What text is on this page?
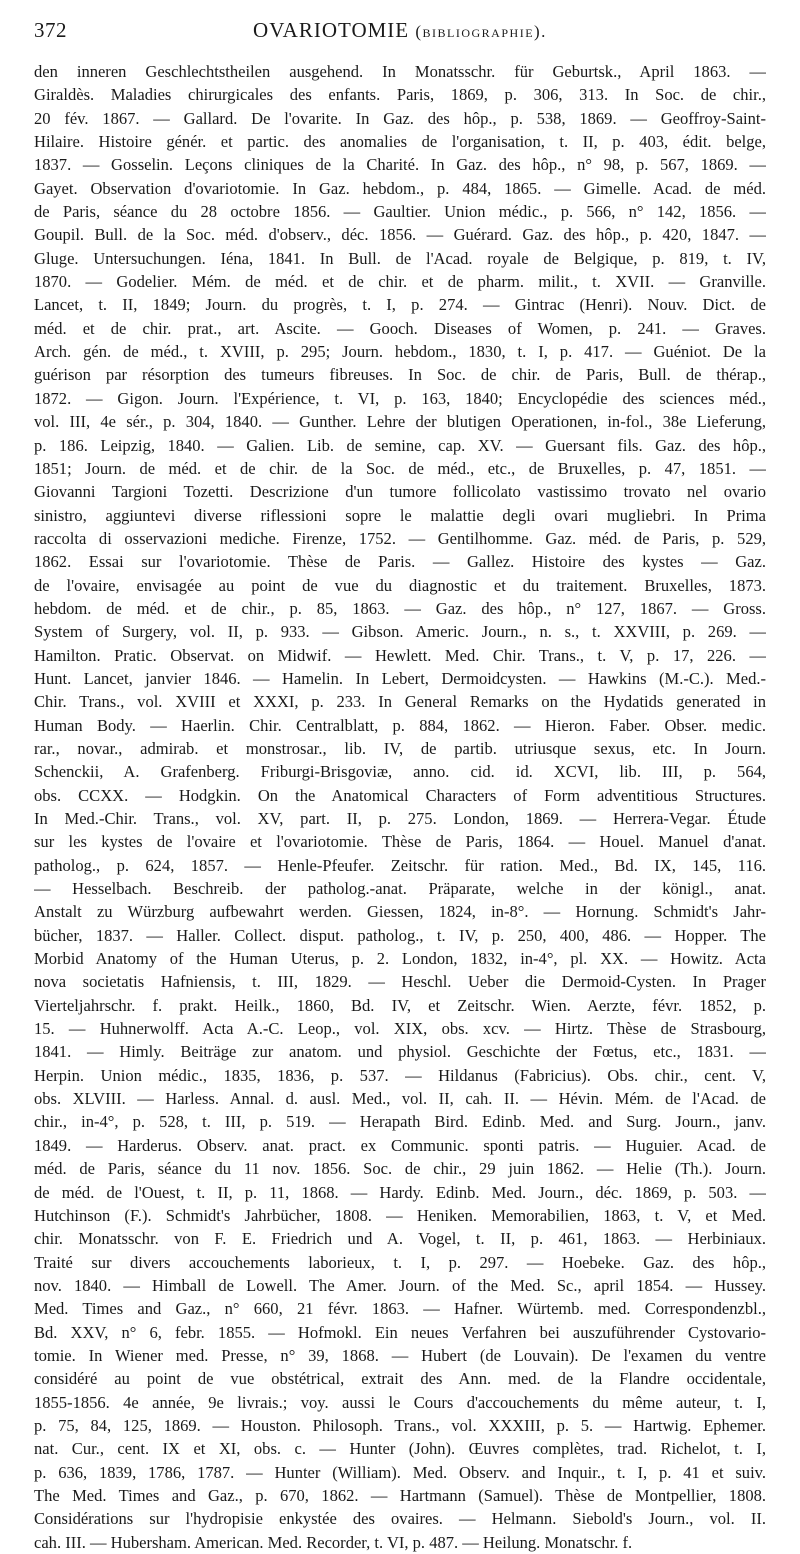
372	OVARIOTOMIE (bibliographie).
den inneren Geschlechtstheilen ausgehend. In Monatsschr. für Geburtsk., April 1863. —
Giraldès. Maladies chirurgicales des enfants. Paris, 1869, p. 306, 313. In Soc. de chir.,
20 fév. 1867. — Gallard. De l'ovarite. In Gaz. des hôp., p. 538, 1869. — Geoffroy-Saint-
Hilaire. Histoire génér. et partic. des anomalies de l'organisation, t. II, p. 403, édit. belge,
1837. — Gosselin. Leçons cliniques de la Charité. In Gaz. des hôp., n° 98, p. 567, 1869. —
Gayet. Observation d'ovariotomie. In Gaz. hebdom., p. 484, 1865. — Gimelle. Acad. de méd.
de Paris, séance du 28 octobre 1856. — Gaultier. Union médic., p. 566, n° 142, 1856. —
Goupil. Bull. de la Soc. méd. d'observ., déc. 1856. — Guérard. Gaz. des hôp., p. 420, 1847. —
Gluge. Untersuchungen. Iéna, 1841. In Bull. de l'Acad. royale de Belgique, p. 819, t. IV,
1870. — Godelier. Mém. de méd. et de chir. et de pharm. milit., t. XVII. — Granville.
Lancet, t. II, 1849; Journ. du progrès, t. I, p. 274. — Gintrac (Henri). Nouv. Dict. de
méd. et de chir. prat., art. Ascite. — Gooch. Diseases of Women, p. 241. — Graves.
Arch. gén. de méd., t. XVIII, p. 295; Journ. hebdom., 1830, t. I, p. 417. — Guéniot. De la
guérison par résorption des tumeurs fibreuses. In Soc. de chir. de Paris, Bull. de thérap.,
1872. — Gigon. Journ. l'Expérience, t. VI, p. 163, 1840; Encyclopédie des sciences méd.,
vol. III, 4e sér., p. 304, 1840. — Gunther. Lehre der blutigen Operationen, in-fol., 38e Lieferung,
p. 186. Leipzig, 1840. — Galien. Lib. de semine, cap. XV. — Guersant fils. Gaz. des hôp.,
1851; Journ. de méd. et de chir. de la Soc. de méd., etc., de Bruxelles, p. 47, 1851. —
Giovanni Targioni Tozetti. Descrizione d'un tumore follicolato vastissimo trovato nel ovario
sinistro, aggiuntevi diverse riflessioni sopre le malattie degli ovari mugliebri. In Prima
raccolta di osservazioni mediche. Firenze, 1752. — Gentilhomme. Gaz. méd. de Paris, p. 529,
1862. Essai sur l'ovariotomie. Thèse de Paris. — Gallez. Histoire des kystes — Gaz.
de l'ovaire, envisagée au point de vue du diagnostic et du traitement. Bruxelles, 1873.
hebdom. de méd. et de chir., p. 85, 1863. — Gaz. des hôp., n° 127, 1867. — Gross.
System of Surgery, vol. II, p. 933. — Gibson. Americ. Journ., n. s., t. XXVIII, p. 269. —
Hamilton. Pratic. Observat. on Midwif. — Hewlett. Med. Chir. Trans., t. V, p. 17, 226. —
Hunt. Lancet, janvier 1846. — Hamelin. In Lebert, Dermoidcysten. — Hawkins (M.-C.). Med.-
Chir. Trans., vol. XVIII et XXXI, p. 233. In General Remarks on the Hydatids generated in
Human Body. — Haerlin. Chir. Centralblatt, p. 884, 1862. — Hieron. Faber. Obser. medic.
rar., novar., admirab. et monstrosar., lib. IV, de partib. utriusque sexus, etc. In Journ.
Schenckii, A. Grafenberg. Friburgi-Brisgoviæ, anno. cid. id. XCVI, lib. III, p. 564,
obs. CCXX. — Hodgkin. On the Anatomical Characters of Form adventitious Structures.
In Med.-Chir. Trans., vol. XV, part. II, p. 275. London, 1869. — Herrera-Vegar. Étude
sur les kystes de l'ovaire et l'ovariotomie. Thèse de Paris, 1864. — Houel. Manuel d'anat.
patholog., p. 624, 1857. — Henle-Pfeufer. Zeitschr. für ration. Med., Bd. IX, 145, 116.
— Hesselbach. Beschreib. der patholog.-anat. Präparate, welche in der königl., anat.
Anstalt zu Würzburg aufbewahrt werden. Giessen, 1824, in-8°. — Hornung. Schmidt's Jahr-
bücher, 1837. — Haller. Collect. disput. patholog., t. IV, p. 250, 400, 486. — Hopper. The
Morbid Anatomy of the Human Uterus, p. 2. London, 1832, in-4°, pl. XX. — Howitz. Acta
nova societatis Hafniensis, t. III, 1829. — Heschl. Ueber die Dermoid-Cysten. In Prager
Vierteljahrschr. f. prakt. Heilk., 1860, Bd. IV, et Zeitschr. Wien. Aerzte, févr. 1852, p.
15. — Huhnerwolff. Acta A.-C. Leop., vol. XIX, obs. xcv. — Hirtz. Thèse de Strasbourg,
1841. — Himly. Beiträge zur anatom. und physiol. Geschichte der Fœtus, etc., 1831. —
Herpin. Union médic., 1835, 1836, p. 537. — Hildanus (Fabricius). Obs. chir., cent. V,
obs. XLVIII. — Harless. Annal. d. ausl. Med., vol. II, cah. II. — Hévin. Mém. de l'Acad. de
chir., in-4°, p. 528, t. III, p. 519. — Herapath Bird. Edinb. Med. and Surg. Journ., janv.
1849. — Harderus. Observ. anat. pract. ex Communic. sponti patris. — Huguier. Acad. de
méd. de Paris, séance du 11 nov. 1856. Soc. de chir., 29 juin 1862. — Helie (Th.). Journ.
de méd. de l'Ouest, t. II, p. 11, 1868. — Hardy. Edinb. Med. Journ., déc. 1869, p. 503. —
Hutchinson (F.). Schmidt's Jahrbücher, 1808. — Heniken. Memorabilien, 1863, t. V, et Med.
chir. Monatsschr. von F. E. Friedrich und A. Vogel, t. II, p. 461, 1863. — Herbiniaux.
Traité sur divers accouchements laborieux, t. I, p. 297. — Hoebeke. Gaz. des hôp.,
nov. 1840. — Himball de Lowell. The Amer. Journ. of the Med. Sc., april 1854. — Hussey.
Med. Times and Gaz., n° 660, 21 févr. 1863. — Hafner. Würtemb. med. Correspondenzbl.,
Bd. XXV, n° 6, febr. 1855. — Hofmokl. Ein neues Verfahren bei auszuführender Cystovario-
tomie. In Wiener med. Presse, n° 39, 1868. — Hubert (de Louvain). De l'examen du ventre
considéré au point de vue obstétrical, extrait des Ann. med. de la Flandre occidentale,
1855-1856. 4e année, 9e livrais.; voy. aussi le Cours d'accouchements du même auteur, t. I,
p. 75, 84, 125, 1869. — Houston. Philosoph. Trans., vol. XXXIII, p. 5. — Hartwig. Ephemer.
nat. Cur., cent. IX et XI, obs. c. — Hunter (John). Œuvres complètes, trad. Richelot, t. I,
p. 636, 1839, 1786, 1787. — Hunter (William). Med. Observ. and Inquir., t. I, p. 41 et suiv.
The Med. Times and Gaz., p. 670, 1862. — Hartmann (Samuel). Thèse de Montpellier, 1808.
Considérations sur l'hydropisie enkystée des ovaires. — Helmann. Siebold's Journ., vol. II.
cah. III. — Hubersham. American. Med. Recorder, t. VI, p. 487. — Heilung. Monatschr. f.
